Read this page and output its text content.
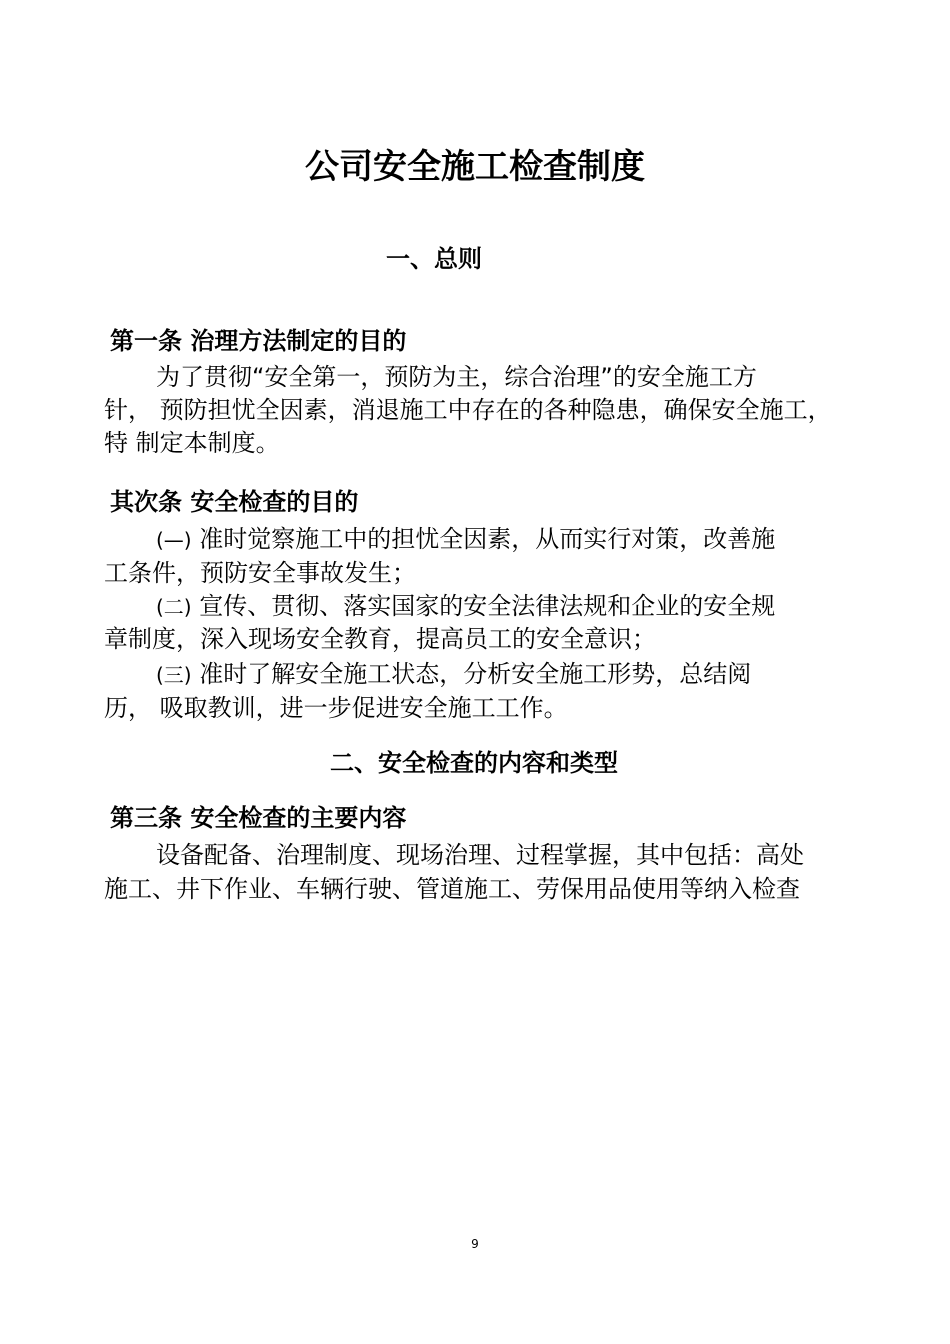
公司安全施工检查制度
一、总则
第一条 治理方法制定的目的

为了贯彻“安全第一，预防为主，综合治理”的安全施工方

针， 预防担忧全因素，消退施工中存在的各种隐患，确保安全施工，

特 制定本制度。

其次条 安全检查的目的

(—) 准时觉察施工中的担忧全因素，从而实行对策，改善施

工条件，预防安全事故发生；

(二) 宣传、贯彻、落实国家的安全法律法规和企业的安全规

章制度，深入现场安全教育，提高员工的安全意识；

(三) 准时了解安全施工状态，分析安全施工形势，总结阅

历， 吸取教训，进一步促进安全施工工作。

二、安全检查的内容和类型
第三条 安全检查的主要内容

设备配备、治理制度、现场治理、过程掌握，其中包括：高处

施工、井下作业、车辆行驶、管道施工、劳保用品使用等纳入检查

9
